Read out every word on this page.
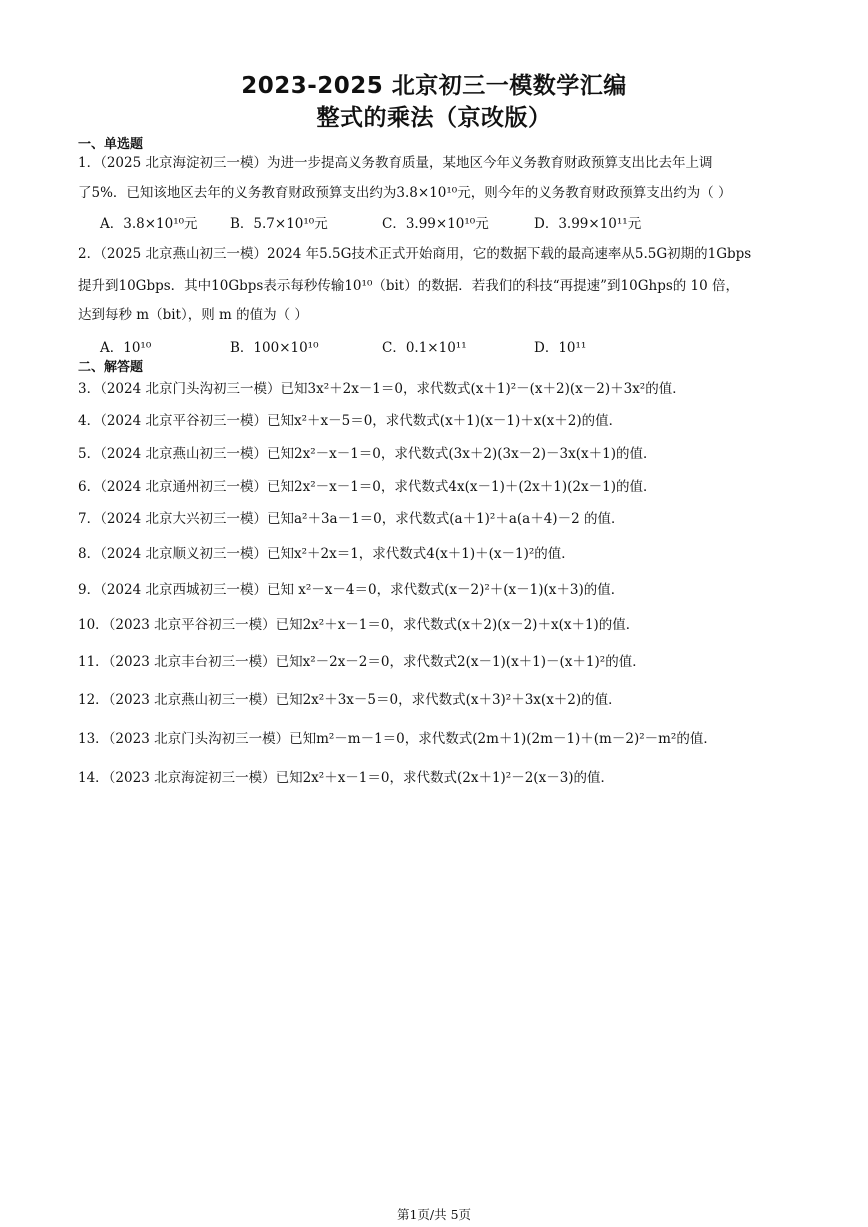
2023-2025 北京初三一模数学汇编
整式的乘法（京改版）
一、单选题
1．（2025 北京海淀初三一模）为进一步提高义务教育质量，某地区今年义务教育财政预算支出比去年上调
了5%．已知该地区去年的义务教育财政预算支出约为3.8×10¹⁰元，则今年的义务教育财政预算支出约为（ ）
A．3.8×10¹⁰元 B．5.7×10¹⁰元	C．3.99×10¹⁰元	D．3.99×10¹¹元
2．（2025 北京燕山初三一模）2024 年5.5G技术正式开始商用，它的数据下载的最高速率从5.5G初期的1Gbps
提升到10Gbps．其中10Gbps表示每秒传输10¹⁰（bit）的数据．若我们的科技“再提速”到10Ghps的 10 倍，
达到每秒 m（bit），则 m 的值为（ ）
A．10¹⁰	B．100×10¹⁰	C．0.1×10¹¹	D．10¹¹
二、解答题
3．（2024 北京门头沟初三一模）已知3x²＋2x－1＝0，求代数式(x＋1)²－(x＋2)(x－2)＋3x²的值．
4．（2024 北京平谷初三一模）已知x²＋x－5＝0，求代数式(x＋1)(x－1)＋x(x＋2)的值．
5．（2024 北京燕山初三一模）已知2x²－x－1＝0，求代数式(3x＋2)(3x－2)－3x(x＋1)的值．
6．（2024 北京通州初三一模）已知2x²－x－1＝0，求代数式4x(x－1)＋(2x＋1)(2x－1)的值．
7．（2024 北京大兴初三一模）已知a²＋3a－1＝0，求代数式(a＋1)²＋a(a＋4)－2 的值．
8．（2024 北京顺义初三一模）已知x²＋2x＝1，求代数式4(x＋1)＋(x－1)²的值．
9．（2024 北京西城初三一模）已知 x²－x－4＝0，求代数式(x－2)²＋(x－1)(x＋3)的值．
10．（2023 北京平谷初三一模）已知2x²＋x－1＝0，求代数式(x＋2)(x－2)＋x(x＋1)的值．
11．（2023 北京丰台初三一模）已知x²－2x－2＝0，求代数式2(x－1)(x＋1)－(x＋1)²的值．
12．（2023 北京燕山初三一模）已知2x²＋3x－5＝0，求代数式(x＋3)²＋3x(x＋2)的值．
13．（2023 北京门头沟初三一模）已知m²－m－1＝0，求代数式(2m＋1)(2m－1)＋(m－2)²－m²的值．
14．（2023 北京海淀初三一模）已知2x²＋x－1＝0，求代数式(2x＋1)²－2(x－3)的值．
第1页/共 5页
